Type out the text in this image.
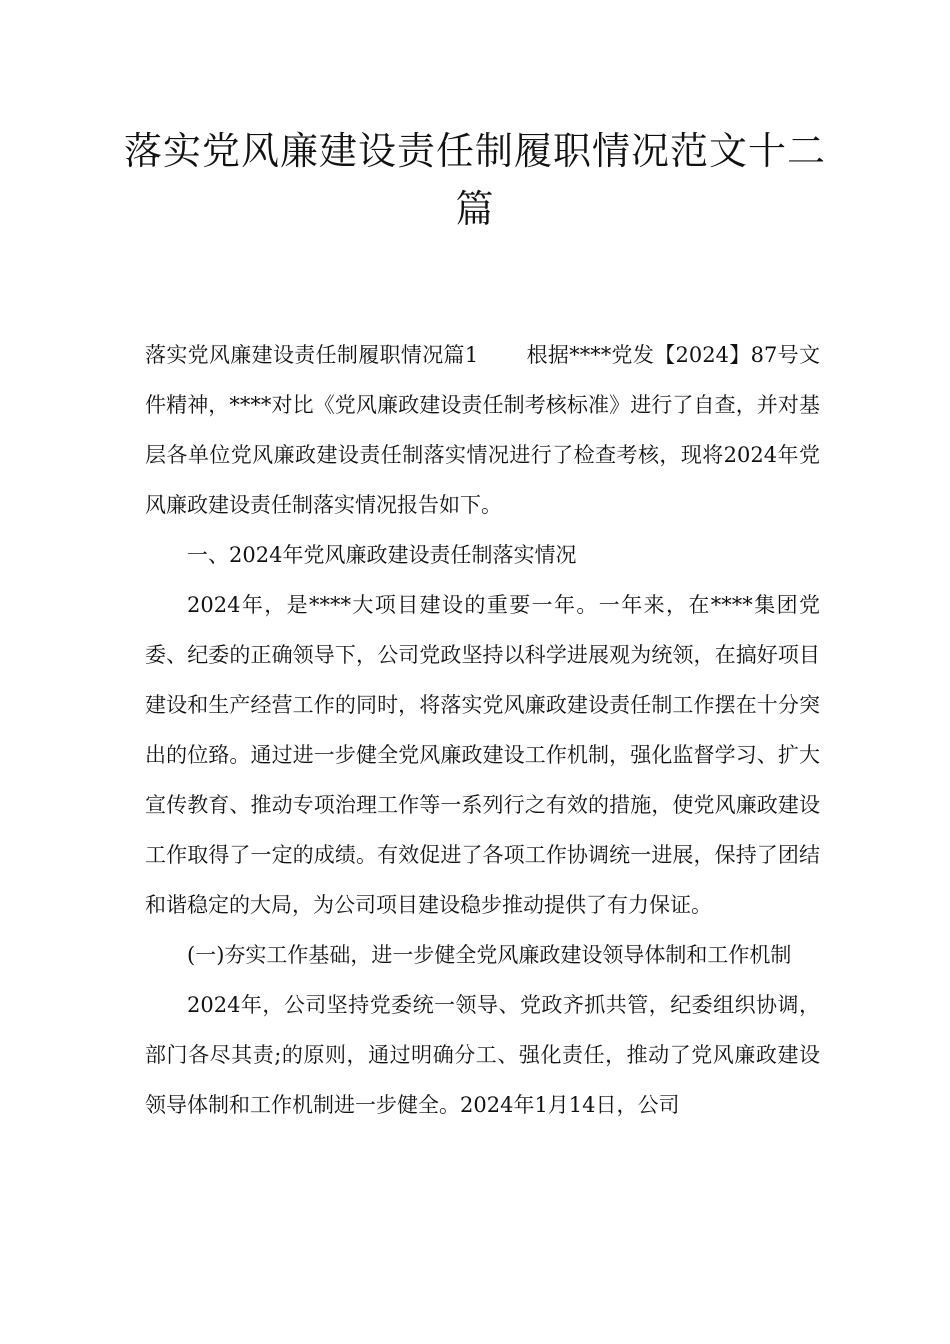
落实党风廉建设责任制履职情况范文十二篇

落实党风廉建设责任制履职情况篇1 根据****党发【2024】87号文件精神，****对比《党风廉政建设责任制考核标准》进行了自查，并对基层各单位党风廉政建设责任制落实情况进行了检查考核，现将2024年党风廉政建设责任制落实情况报告如下。

一、2024年党风廉政建设责任制落实情况

2024年，是****大项目建设的重要一年。一年来，在****集团党委、纪委的正确领导下，公司党政坚持以科学进展观为统领，在搞好项目建设和生产经营工作的同时，将落实党风廉政建设责任制工作摆在十分突出的位臵。通过进一步健全党风廉政建设工作机制，强化监督学习、扩大宣传教育、推动专项治理工作等一系列行之有效的措施，使党风廉政建设工作取得了一定的成绩。有效促进了各项工作协调统一进展，保持了团结和谐稳定的大局，为公司项目建设稳步推动提供了有力保证。

(一)夯实工作基础，进一步健全党风廉政建设领导体制和工作机制

2024年，公司坚持党委统一领导、党政齐抓共管，纪委组织协调，部门各尽其责;的原则，通过明确分工、强化责任，推动了党风廉政建设领导体制和工作机制进一步健全。2024年1月14日，公司
